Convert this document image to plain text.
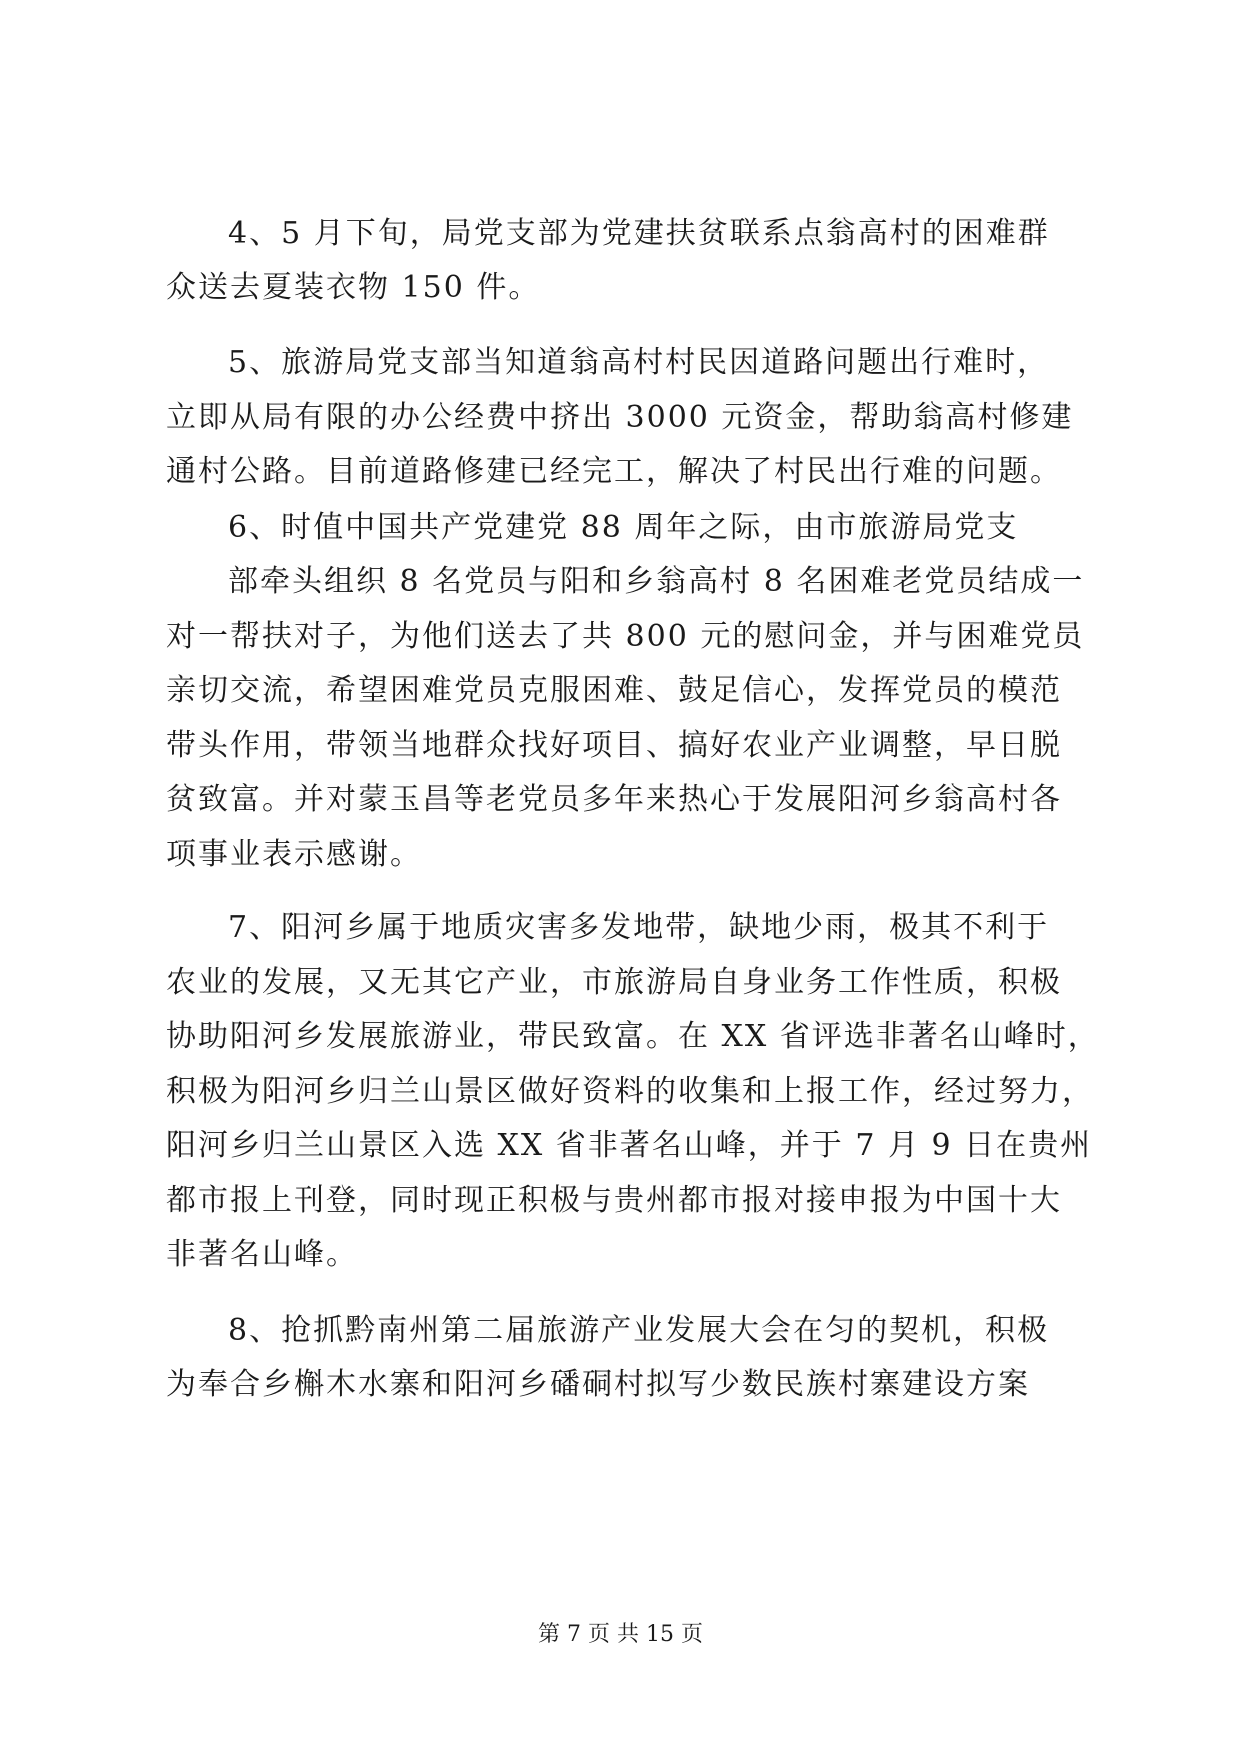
4、5 月下旬，局党支部为党建扶贫联系点翁高村的困难群
众送去夏装衣物 150 件。
5、旅游局党支部当知道翁高村村民因道路问题出行难时，
立即从局有限的办公经费中挤出 3000 元资金，帮助翁高村修建
通村公路。目前道路修建已经完工，解决了村民出行难的问题。
6、时值中国共产党建党 88 周年之际，由市旅游局党支
部牵头组织 8 名党员与阳和乡翁高村 8 名困难老党员结成一
对一帮扶对子，为他们送去了共 800 元的慰问金，并与困难党员
亲切交流，希望困难党员克服困难、鼓足信心，发挥党员的模范
带头作用，带领当地群众找好项目、搞好农业产业调整，早日脱
贫致富。并对蒙玉昌等老党员多年来热心于发展阳河乡翁高村各
项事业表示感谢。
7、阳河乡属于地质灾害多发地带，缺地少雨，极其不利于
农业的发展，又无其它产业，市旅游局自身业务工作性质，积极
协助阳河乡发展旅游业，带民致富。在 XX 省评选非著名山峰时，
积极为阳河乡归兰山景区做好资料的收集和上报工作，经过努力，
阳河乡归兰山景区入选 XX 省非著名山峰，并于 7 月 9 日在贵州
都市报上刊登，同时现正积极与贵州都市报对接申报为中国十大
非著名山峰。
8、抢抓黔南州第二届旅游产业发展大会在匀的契机，积极
为奉合乡槲木水寨和阳河乡磻硐村拟写少数民族村寨建设方案
第 7 页 共 15 页
